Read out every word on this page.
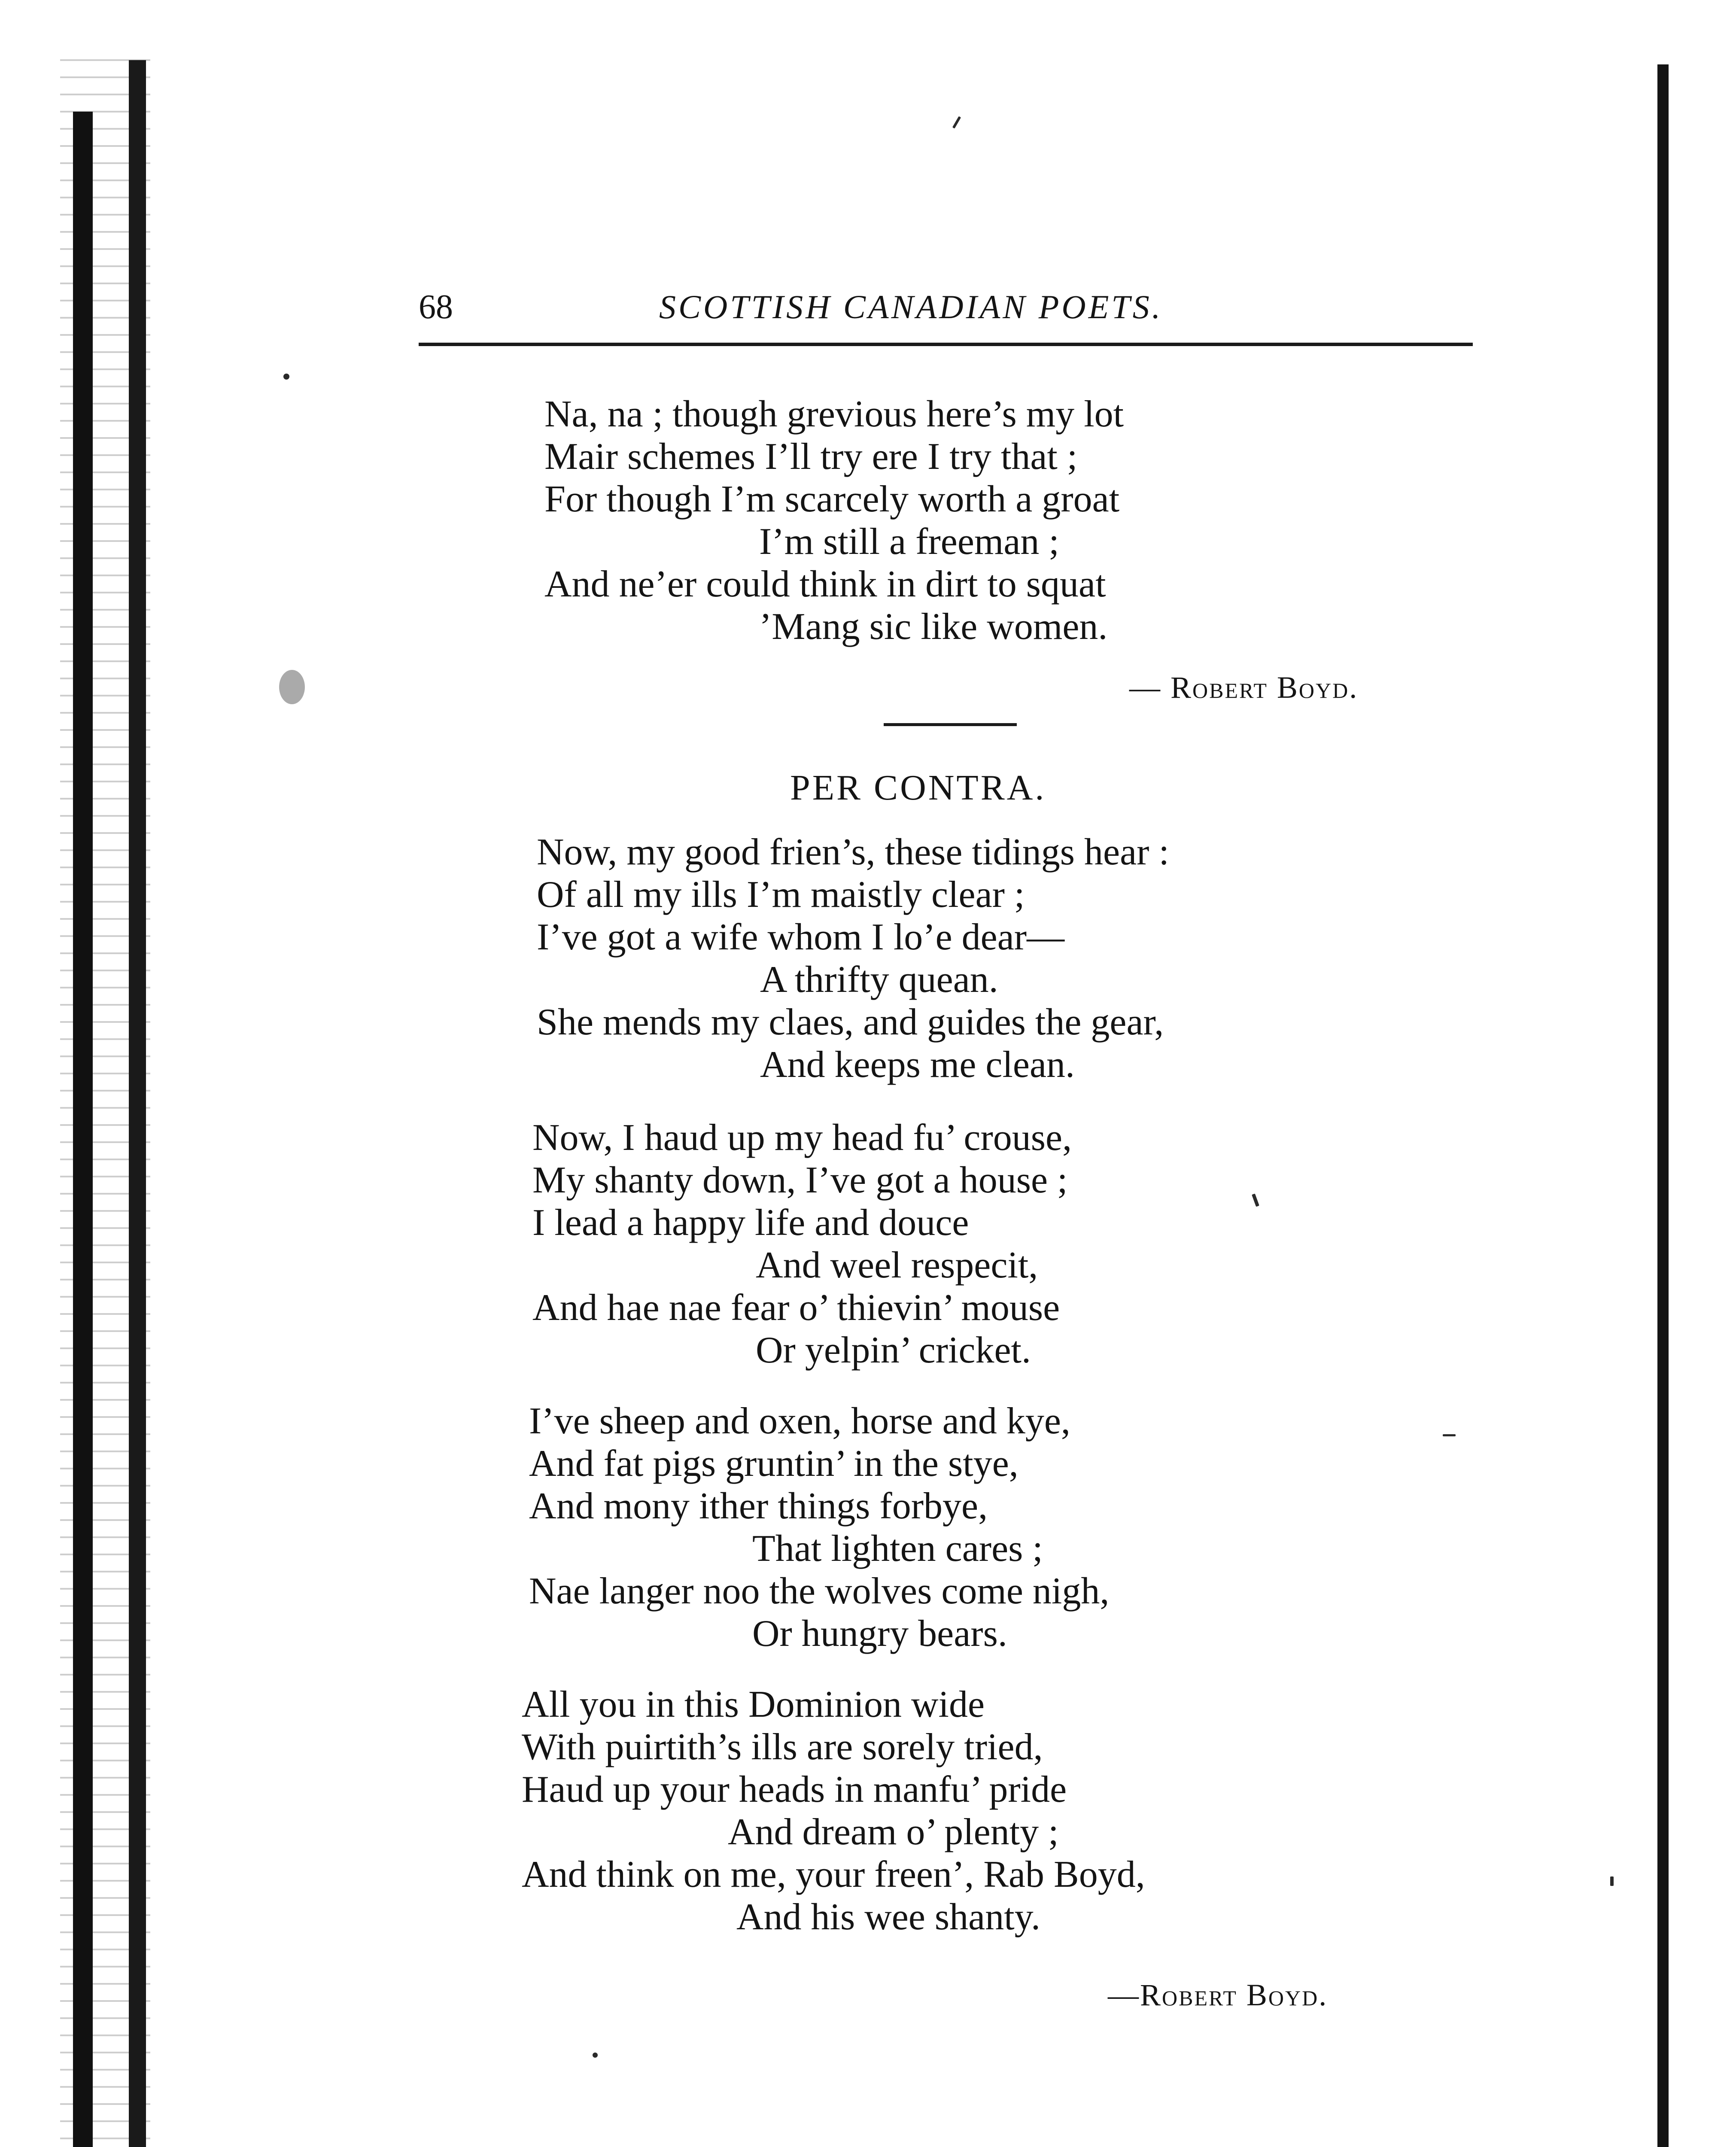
68	SCOTTISH CANADIAN POETS.
Na, na ; though grevious here’s my lot
Mair schemes I’ll try ere I try that ;
For though I’m scarcely worth a groat
I’m still a freeman ;
And ne’er could think in dirt to squat
’Mang sic like women.
— Robert Boyd.
PER CONTRA.
Now, my good frien’s, these tidings hear :
Of all my ills I’m maistly clear ;
I’ve got a wife whom I lo’e dear—
A thrifty quean.
She mends my claes, and guides the gear,
And keeps me clean.
Now, I haud up my head fu’ crouse,
My shanty down, I’ve got a house ;
I lead a happy life and douce
And weel respecit,
And hae nae fear o’ thievin’ mouse
Or yelpin’ cricket.
I’ve sheep and oxen, horse and kye,
And fat pigs gruntin’ in the stye,
And mony ither things forbye,
That lighten cares ;
Nae langer noo the wolves come nigh,
Or hungry bears.
All you in this Dominion wide
With puirtith’s ills are sorely tried,
Haud up your heads in manfu’ pride
And dream o’ plenty ;
And think on me, your freen’, Rab Boyd,
And his wee shanty.
—Robert Boyd.
